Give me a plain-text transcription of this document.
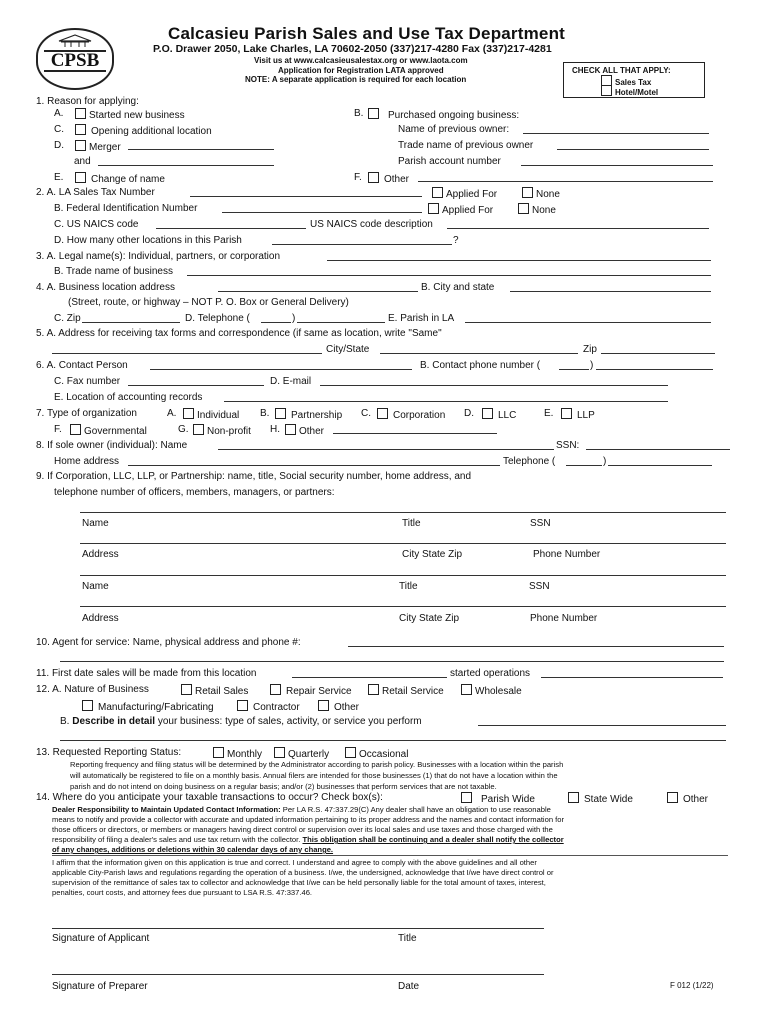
CPSB
Calcasieu Parish Sales and Use Tax Department
P.O. Drawer 2050, Lake Charles, LA 70602-2050 (337)217-4280 Fax (337)217-4281
Visit us at www.calcasieusalestax.org or www.laota.com
Application for Registration LATA approved
NOTE: A separate application is required for each location
CHECK ALL THAT APPLY:
Sales Tax
Hotel/Motel
1. Reason for applying:
A.	Started new business	B.	Purchased ongoing business:
C.	Opening additional location	Name of previous owner:
D.	Merger	Trade name of previous owner
and	Parish account number
E.	Change of name	F.	Other
2. A. LA Sales Tax Number	Applied For	None
B. Federal Identification Number	Applied For	None
C. US NAICS code	US NAICS code description
D. How many other locations in this Parish	?
3. A. Legal name(s): Individual, partners, or corporation
B. Trade name of business
4. A. Business location address	B. City and state
(Street, route, or highway – NOT P. O. Box or General Delivery)
C. Zip	D. Telephone (	)	E. Parish in LA
5. A. Address for receiving tax forms and correspondence (if same as location, write "Same"
City/State	Zip
6. A. Contact Person	B. Contact phone number (	)
C. Fax number	D. E-mail
E. Location of accounting records
7. Type of organization	A.	Individual B.	Partnership C.	Corporation D.	LLC	E.	LLP
F.	Governmental	G.	Non-profit H.	Other
8. If sole owner (individual): Name	SSN:
Home address	Telephone (	)
9. If Corporation, LLC, LLP, or Partnership: name, title, Social security number, home address, and
telephone number of officers, members, managers, or partners:
Name	Title	SSN
Address	City State Zip	Phone Number
Name	Title	SSN
Address	City State Zip	Phone Number
10. Agent for service: Name, physical address and phone #:
11. First date sales will be made from this location	started operations
12. A. Nature of Business	Retail Sales	Repair Service	Retail Service	Wholesale
Manufacturing/Fabricating	Contractor	Other
B. Describe in detail your business: type of sales, activity, or service you perform
13. Requested Reporting Status:	Monthly	Quarterly	Occasional
Reporting frequency and filing status will be determined by the Administrator according to parish policy. Businesses with a location within the parish
will automatically be registered to file on a monthly basis. Annual filers are intended for those businesses (1) that do not have a location within the
parish and do not intend on doing business on a regular basis; and/or (2) businesses that perform services that are not taxable.
14. Where do you anticipate your taxable transactions to occur? Check box(s):	Parish Wide	State Wide	Other
Dealer Responsibility to Maintain Updated Contact Information: Per LA R.S. 47:337.29(C) Any dealer shall have an obligation to use reasonable
means to notify and provide a collector with accurate and updated information pertaining to its proper address and the names and contact information for
those officers or directors, or members or managers having direct control or supervision over its local sales and use taxes and those charged with the
responsibility of filing a dealer's sales and use tax return with the collector. This obligation shall be continuing and a dealer shall notify the collector
of any changes, additions or deletions within 30 calendar days of any change.
I affirm that the information given on this application is true and correct. I understand and agree to comply with the above guidelines and all other
applicable City-Parish laws and regulations regarding the operation of a business. I/we, the undersigned, acknowledge that I/we have direct control or
supervision of the remittance of sales tax to collector and acknowledge that I/we can be held personally liable for the total amount of taxes, interest,
penalties, court costs, and attorney fees due pursuant to LSA R.S. 47:337.46.
Signature of Applicant	Title
Signature of Preparer	Date	F 012 (1/22)
